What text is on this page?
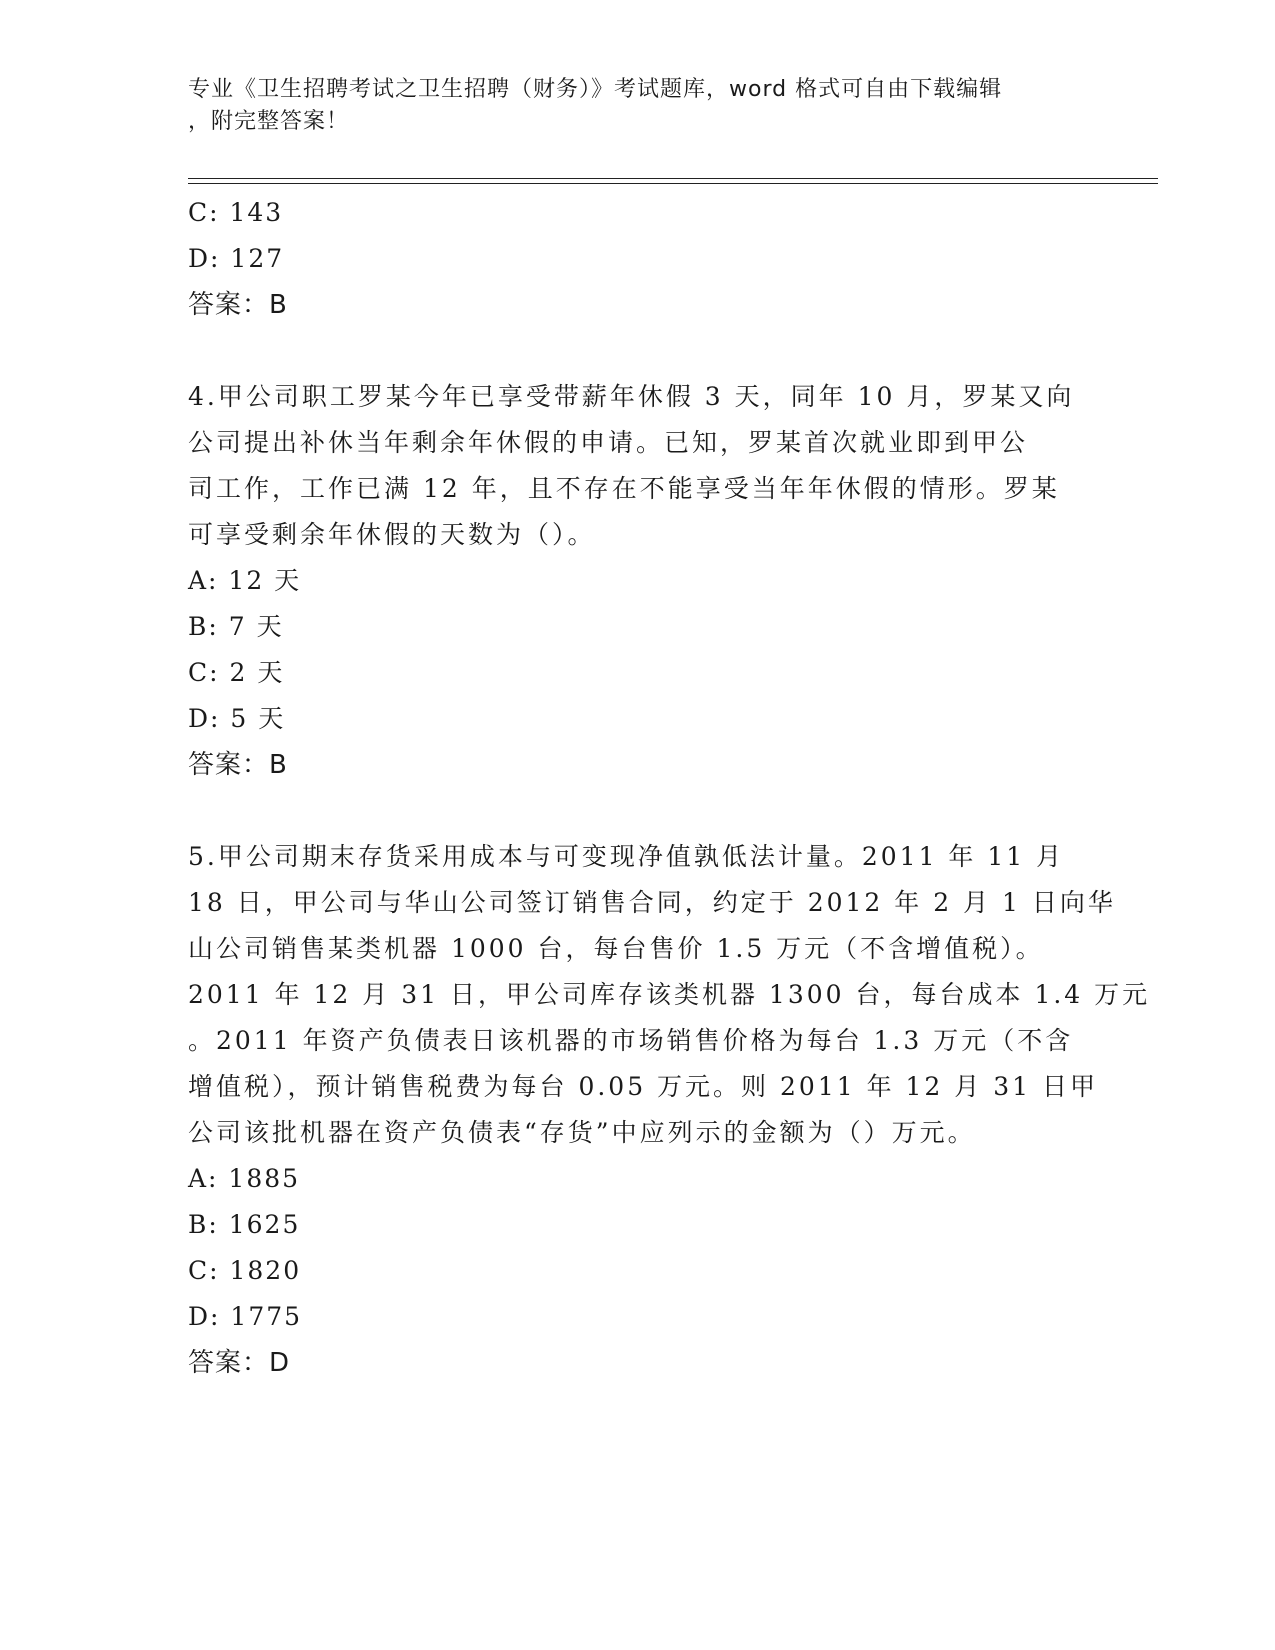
专业《卫生招聘考试之卫生招聘（财务）》考试题库，word 格式可自由下载编辑
，附完整答案！
C: 143
D: 127
答案：B
4.甲公司职工罗某今年已享受带薪年休假 3 天，同年 10 月，罗某又向
公司提出补休当年剩余年休假的申请。已知，罗某首次就业即到甲公
司工作，工作已满 12 年，且不存在不能享受当年年休假的情形。罗某
可享受剩余年休假的天数为（）。
A: 12 天
B: 7 天
C: 2 天
D: 5 天
答案：B
5.甲公司期末存货采用成本与可变现净值孰低法计量。2011 年 11 月
18 日，甲公司与华山公司签订销售合同，约定于 2012 年 2 月 1 日向华
山公司销售某类机器 1000 台，每台售价 1.5 万元（不含增值税）。
2011 年 12 月 31 日，甲公司库存该类机器 1300 台，每台成本 1.4 万元
。2011 年资产负债表日该机器的市场销售价格为每台 1.3 万元（不含
增值税），预计销售税费为每台 0.05 万元。则 2011 年 12 月 31 日甲
公司该批机器在资产负债表“存货”中应列示的金额为（）万元。
A: 1885
B: 1625
C: 1820
D: 1775
答案：D
